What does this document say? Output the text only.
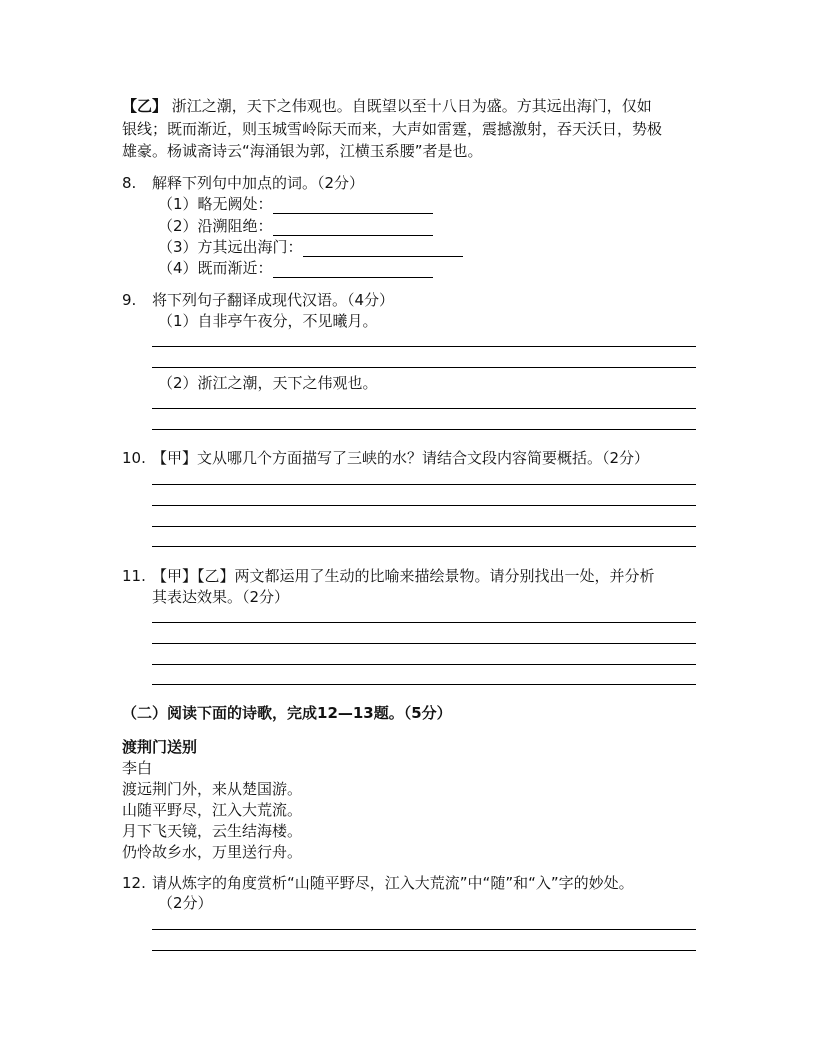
【乙】 浙江之潮，天下之伟观也。自既望以至十八日为盛。方其远出海门，仅如
银线；既而渐近，则玉城雪岭际天而来，大声如雷霆，震撼激射，吞天沃日，势极
雄豪。杨诚斋诗云“海涌银为郭，江横玉系腰”者是也。
8. 解释下列句中加点的词。（2分）
（1）略无阙处：
（2）沿溯阻绝：
（3）方其远出海门：
（4）既而渐近：
9. 将下列句子翻译成现代汉语。（4分）
（1）自非亭午夜分，不见曦月。
（2）浙江之潮，天下之伟观也。
10. 【甲】文从哪几个方面描写了三峡的水？请结合文段内容简要概括。（2分）
11. 【甲】【乙】两文都运用了生动的比喻来描绘景物。请分别找出一处，并分析
其表达效果。（2分）
（二）阅读下面的诗歌，完成12—13题。（5分）
渡荆门送别
李白
渡远荆门外，来从楚国游。
山随平野尽，江入大荒流。
月下飞天镜，云生结海楼。
仍怜故乡水，万里送行舟。
12. 请从炼字的角度赏析“山随平野尽，江入大荒流”中“随”和“入”字的妙处。
（2分）
